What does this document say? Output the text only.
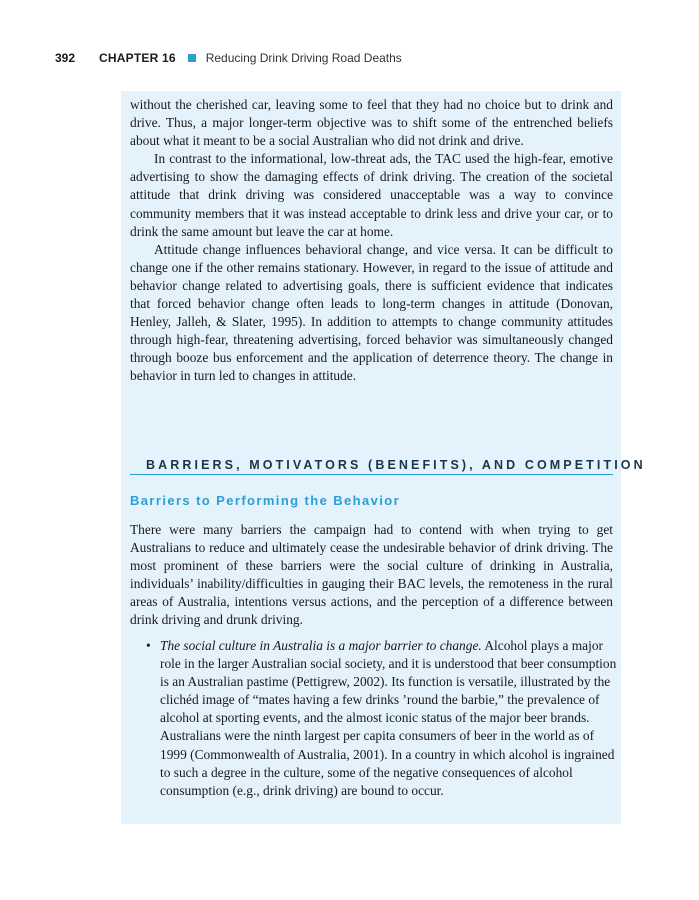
392 CHAPTER 16	Reducing Drink Driving Road Deaths

without the cherished car, leaving some to feel that they had no choice but to drink and drive. Thus, a major longer-term objective was to shift some of the entrenched beliefs about what it meant to be a social Australian who did not drink and drive.

In contrast to the informational, low-threat ads, the TAC used the high-fear, emotive advertising to show the damaging effects of drink driving. The creation of the societal attitude that drink driving was considered unacceptable was a way to convince community members that it was instead acceptable to drink less and drive your car, or to drink the same amount but leave the car at home.

Attitude change influences behavioral change, and vice versa. It can be difficult to change one if the other remains stationary. However, in regard to the issue of attitude and behavior change related to advertising goals, there is sufficient evidence that indicates that forced behavior change often leads to long-term changes in attitude (Donovan, Henley, Jalleh, & Slater, 1995). In addition to attempts to change community attitudes through high-fear, threatening advertising, forced behavior was simultaneously changed through booze bus enforcement and the application of deterrence theory. The change in behavior in turn led to changes in attitude.

BARRIERS, MOTIVATORS (BENEFITS), AND COMPETITION
Barriers to Performing the Behavior

There were many barriers the campaign had to contend with when trying to get Australians to reduce and ultimately cease the undesirable behavior of drink driving. The most prominent of these barriers were the social culture of drinking in Australia, individuals’ inability/difficulties in gauging their BAC levels, the remoteness in the rural areas of Australia, intentions versus actions, and the perception of a difference between drink driving and drunk driving.

• The social culture in Australia is a major barrier to change. Alcohol plays a major role in the larger Australian social society, and it is understood that beer consumption is an Australian pastime (Pettigrew, 2002). Its function is versatile, illustrated by the clichéd image of “mates having a few drinks ’round the barbie,” the prevalence of alcohol at sporting events, and the almost iconic status of the major beer brands. Australians were the ninth largest per capita consumers of beer in the world as of 1999 (Commonwealth of Australia, 2001). In a country in which alcohol is ingrained to such a degree in the culture, some of the negative consequences of alcohol consumption (e.g., drink driving) are bound to occur.
